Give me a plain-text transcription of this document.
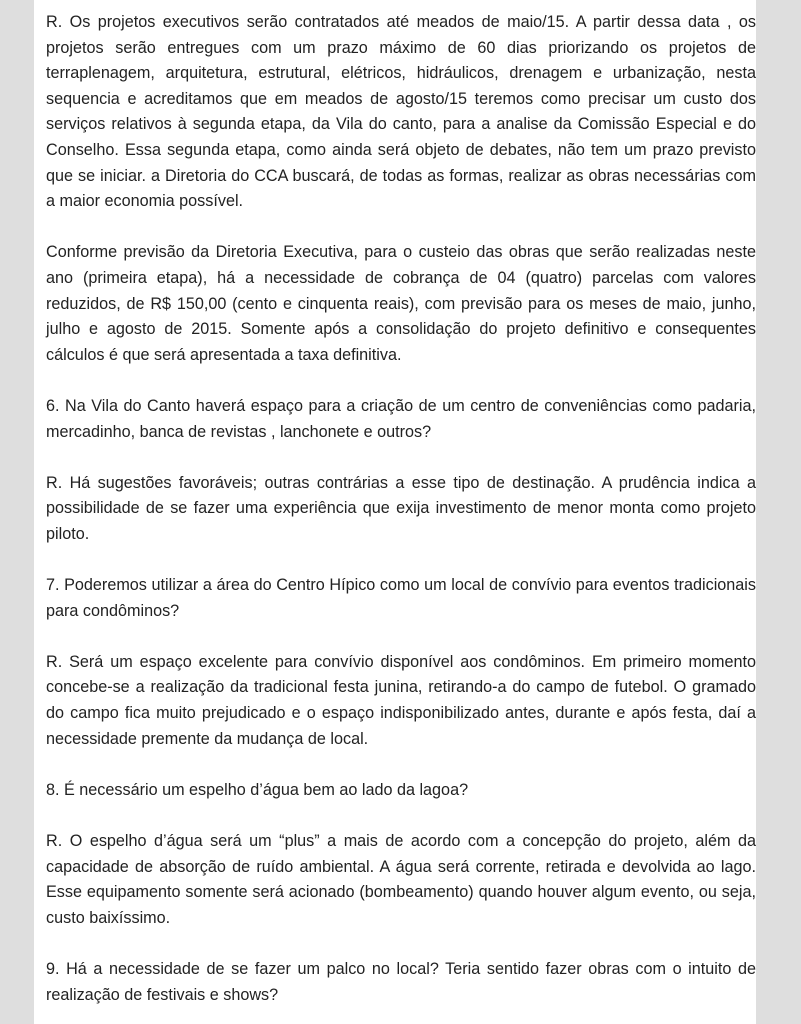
R. Os projetos executivos serão contratados até meados de maio/15. A partir dessa data , os projetos serão entregues com um prazo máximo de 60 dias priorizando os projetos de terraplenagem, arquitetura, estrutural, elétricos, hidráulicos, drenagem e urbanização, nesta sequencia e acreditamos que em meados de agosto/15 teremos como precisar um custo dos serviços relativos à segunda etapa, da Vila do canto, para a analise da Comissão Especial e do Conselho. Essa segunda etapa, como ainda será objeto de debates, não tem um prazo previsto que se iniciar. a Diretoria do CCA buscará, de todas as formas, realizar as obras necessárias com a maior economia possível.

Conforme previsão da Diretoria Executiva, para o custeio das obras que serão realizadas neste ano (primeira etapa), há a necessidade de cobrança de 04 (quatro) parcelas com valores reduzidos, de R$ 150,00 (cento e cinquenta reais), com previsão para os meses de maio, junho, julho e agosto de 2015. Somente após a consolidação do projeto definitivo e consequentes cálculos é que será apresentada a taxa definitiva.

6. Na Vila do Canto haverá espaço para a criação de um centro de conveniências como padaria, mercadinho, banca de revistas , lanchonete e outros?

R. Há sugestões favoráveis; outras contrárias a esse tipo de destinação. A prudência indica a possibilidade de se fazer uma experiência que exija investimento de menor monta como projeto piloto.

7. Poderemos utilizar a área do Centro Hípico como um local de convívio para eventos tradicionais para condôminos?

R. Será um espaço excelente para convívio disponível aos condôminos. Em primeiro momento concebe-se a realização da tradicional festa junina, retirando-a do campo de futebol. O gramado do campo fica muito prejudicado e o espaço indisponibilizado antes, durante e após festa, daí a necessidade premente da mudança de local.

8. É necessário um espelho d’água bem ao lado da lagoa?

R. O espelho d’água será um “plus” a mais de acordo com a concepção do projeto, além da capacidade de absorção de ruído ambiental. A água será corrente, retirada e devolvida ao lago. Esse equipamento somente será acionado (bombeamento) quando houver algum evento, ou seja, custo baixíssimo.

9. Há a necessidade de se fazer um palco no local? Teria sentido fazer obras com o intuito de realização de festivais e shows?
